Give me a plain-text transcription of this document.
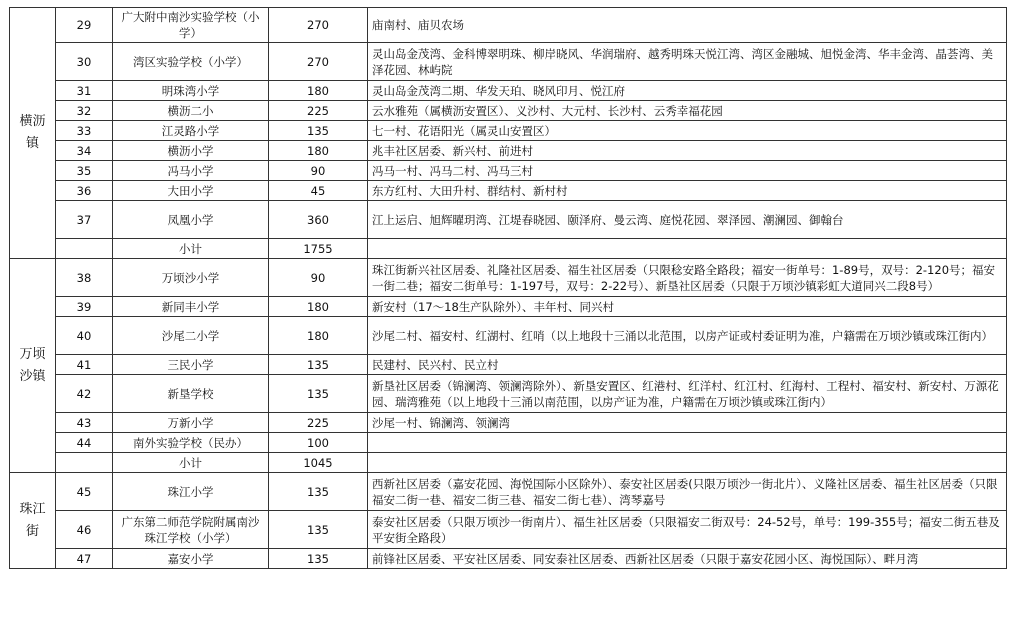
横沥镇	29	广大附中南沙实验学校（小学）	270	庙南村、庙贝农场
	30	湾区实验学校（小学）	270	灵山岛金茂湾、金科博翠明珠、柳岸晓风、华润瑞府、越秀明珠天悦江湾、湾区金融城、旭悦金湾、华丰金湾、晶荟湾、美泽花园、林屿院
	31	明珠湾小学	180	灵山岛金茂湾二期、华发天珀、晓风印月、悦江府
	32	横沥二小	225	云水雅苑（属横沥安置区）、义沙村、大元村、长沙村、云秀幸福花园
	33	江灵路小学	135	七一村、花语阳光（属灵山安置区）
	34	横沥小学	180	兆丰社区居委、新兴村、前进村
	35	冯马小学	90	冯马一村、冯马二村、冯马三村
	36	大田小学	45	东方红村、大田升村、群结村、新村村
	37	凤凰小学	360	江上运启、旭辉曜玥湾、江堤春晓园、颐泽府、曼云湾、庭悦花园、翠泽园、潮澜园、御翰台
		小计	1755	
万顷沙镇	38	万顷沙小学	90	珠江街新兴社区居委、礼隆社区居委、福生社区居委（只限稔安路全路段；福安一街单号：1-89号，双号：2-120号；福安一街二巷；福安二街单号：1-197号，双号：2-22号）、新垦社区居委（只限于万顷沙镇彩虹大道同兴二段8号）
	39	新同丰小学	180	新安村（17～18生产队除外）、丰年村、同兴村
	40	沙尾二小学	180	沙尾二村、福安村、红湖村、红哨（以上地段十三涌以北范围，以房产证或村委证明为准，户籍需在万顷沙镇或珠江街内）
	41	三民小学	135	民建村、民兴村、民立村
	42	新垦学校	135	新垦社区居委（锦澜湾、领澜湾除外）、新垦安置区、红港村、红洋村、红江村、红海村、工程村、福安村、新安村、万源花园、瑞湾雅苑（以上地段十三涌以南范围，以房产证为准，户籍需在万顷沙镇或珠江街内）
	43	万新小学	225	沙尾一村、锦澜湾、领澜湾
	44	南外实验学校（民办）	100	
		小计	1045	
珠江街	45	珠江小学	135	西新社区居委（嘉安花园、海悦国际小区除外）、泰安社区居委(只限万顷沙一街北片）、义隆社区居委、福生社区居委（只限福安二街一巷、福安二街三巷、福安二街七巷）、湾琴嘉号
	46	广东第二师范学院附属南沙珠江学校（小学）	135	泰安社区居委（只限万顷沙一街南片）、福生社区居委（只限福安二街双号：24-52号，单号：199-355号；福安二街五巷及平安街全路段）
	47	嘉安小学	135	前锋社区居委、平安社区居委、同安泰社区居委、西新社区居委（只限于嘉安花园小区、海悦国际）、畔月湾
